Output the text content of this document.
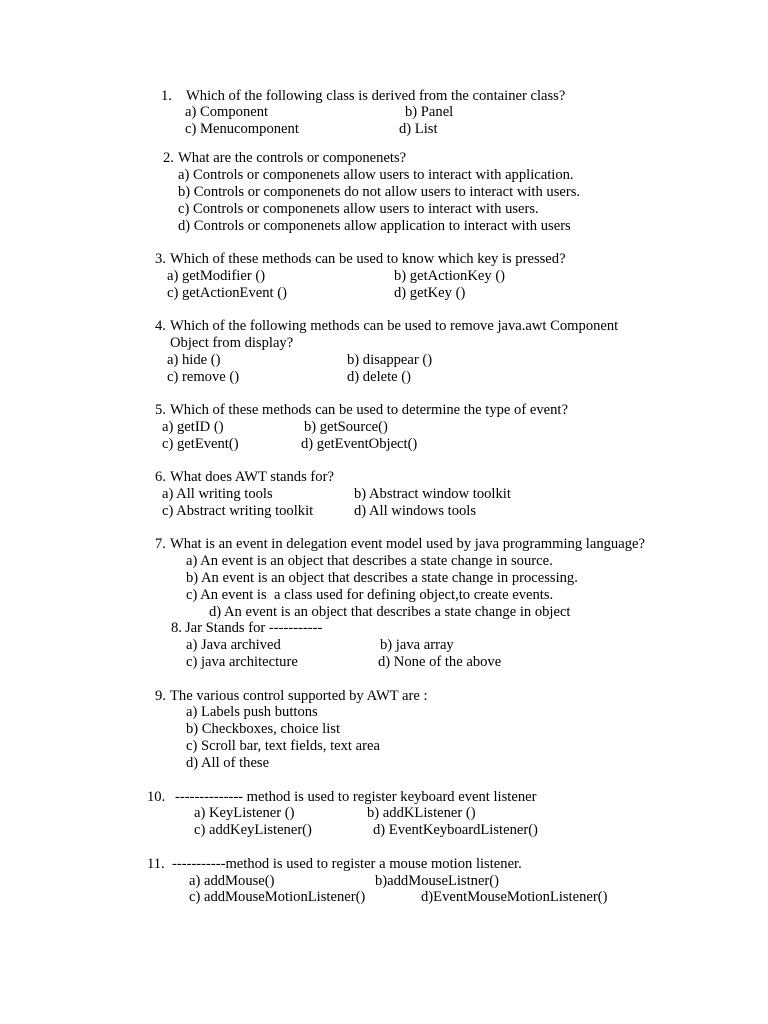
1. Which of the following class is derived from the container class?
a) Component	b) Panel
c) Menucomponent	d) List
2. What are the controls or componenets?
a) Controls or componenets allow users to interact with application.
b) Controls or componenets do not allow users to interact with users.
c) Controls or componenets allow users to interact with users.
d) Controls or componenets allow application to interact with users
3. Which of these methods can be used to know which key is pressed?
a) getModifier ()	b) getActionKey ()
c) getActionEvent ()	d) getKey ()
4. Which of the following methods can be used to remove java.awt Component
Object from display?
a) hide ()	b) disappear ()
c) remove ()	d) delete ()
5. Which of these methods can be used to determine the type of event?
a) getID ()	b) getSource()
c) getEvent()	d) getEventObject()
6. What does AWT stands for?
a) All writing tools	b) Abstract window toolkit
c) Abstract writing toolkit	d) All windows tools
7. What is an event in delegation event model used by java programming language?
a) An event is an object that describes a state change in source.
b) An event is an object that describes a state change in processing.
c) An event is  a class used for defining object,to create events.
d) An event is an object that describes a state change in object
8. Jar Stands for -----------
a) Java archived	b) java array
c) java architecture	d) None of the above
9. The various control supported by AWT are :
a) Labels push buttons
b) Checkboxes, choice list
c) Scroll bar, text fields, text area
d) All of these
10. -------------- method is used to register keyboard event listener
a) KeyListener ()	b) addKListener ()
c) addKeyListener()	d) EventKeyboardListener()
11. -----------method is used to register a mouse motion listener.
a) addMouse()	b)addMouseListner()
c) addMouseMotionListener()	d)EventMouseMotionListener()
